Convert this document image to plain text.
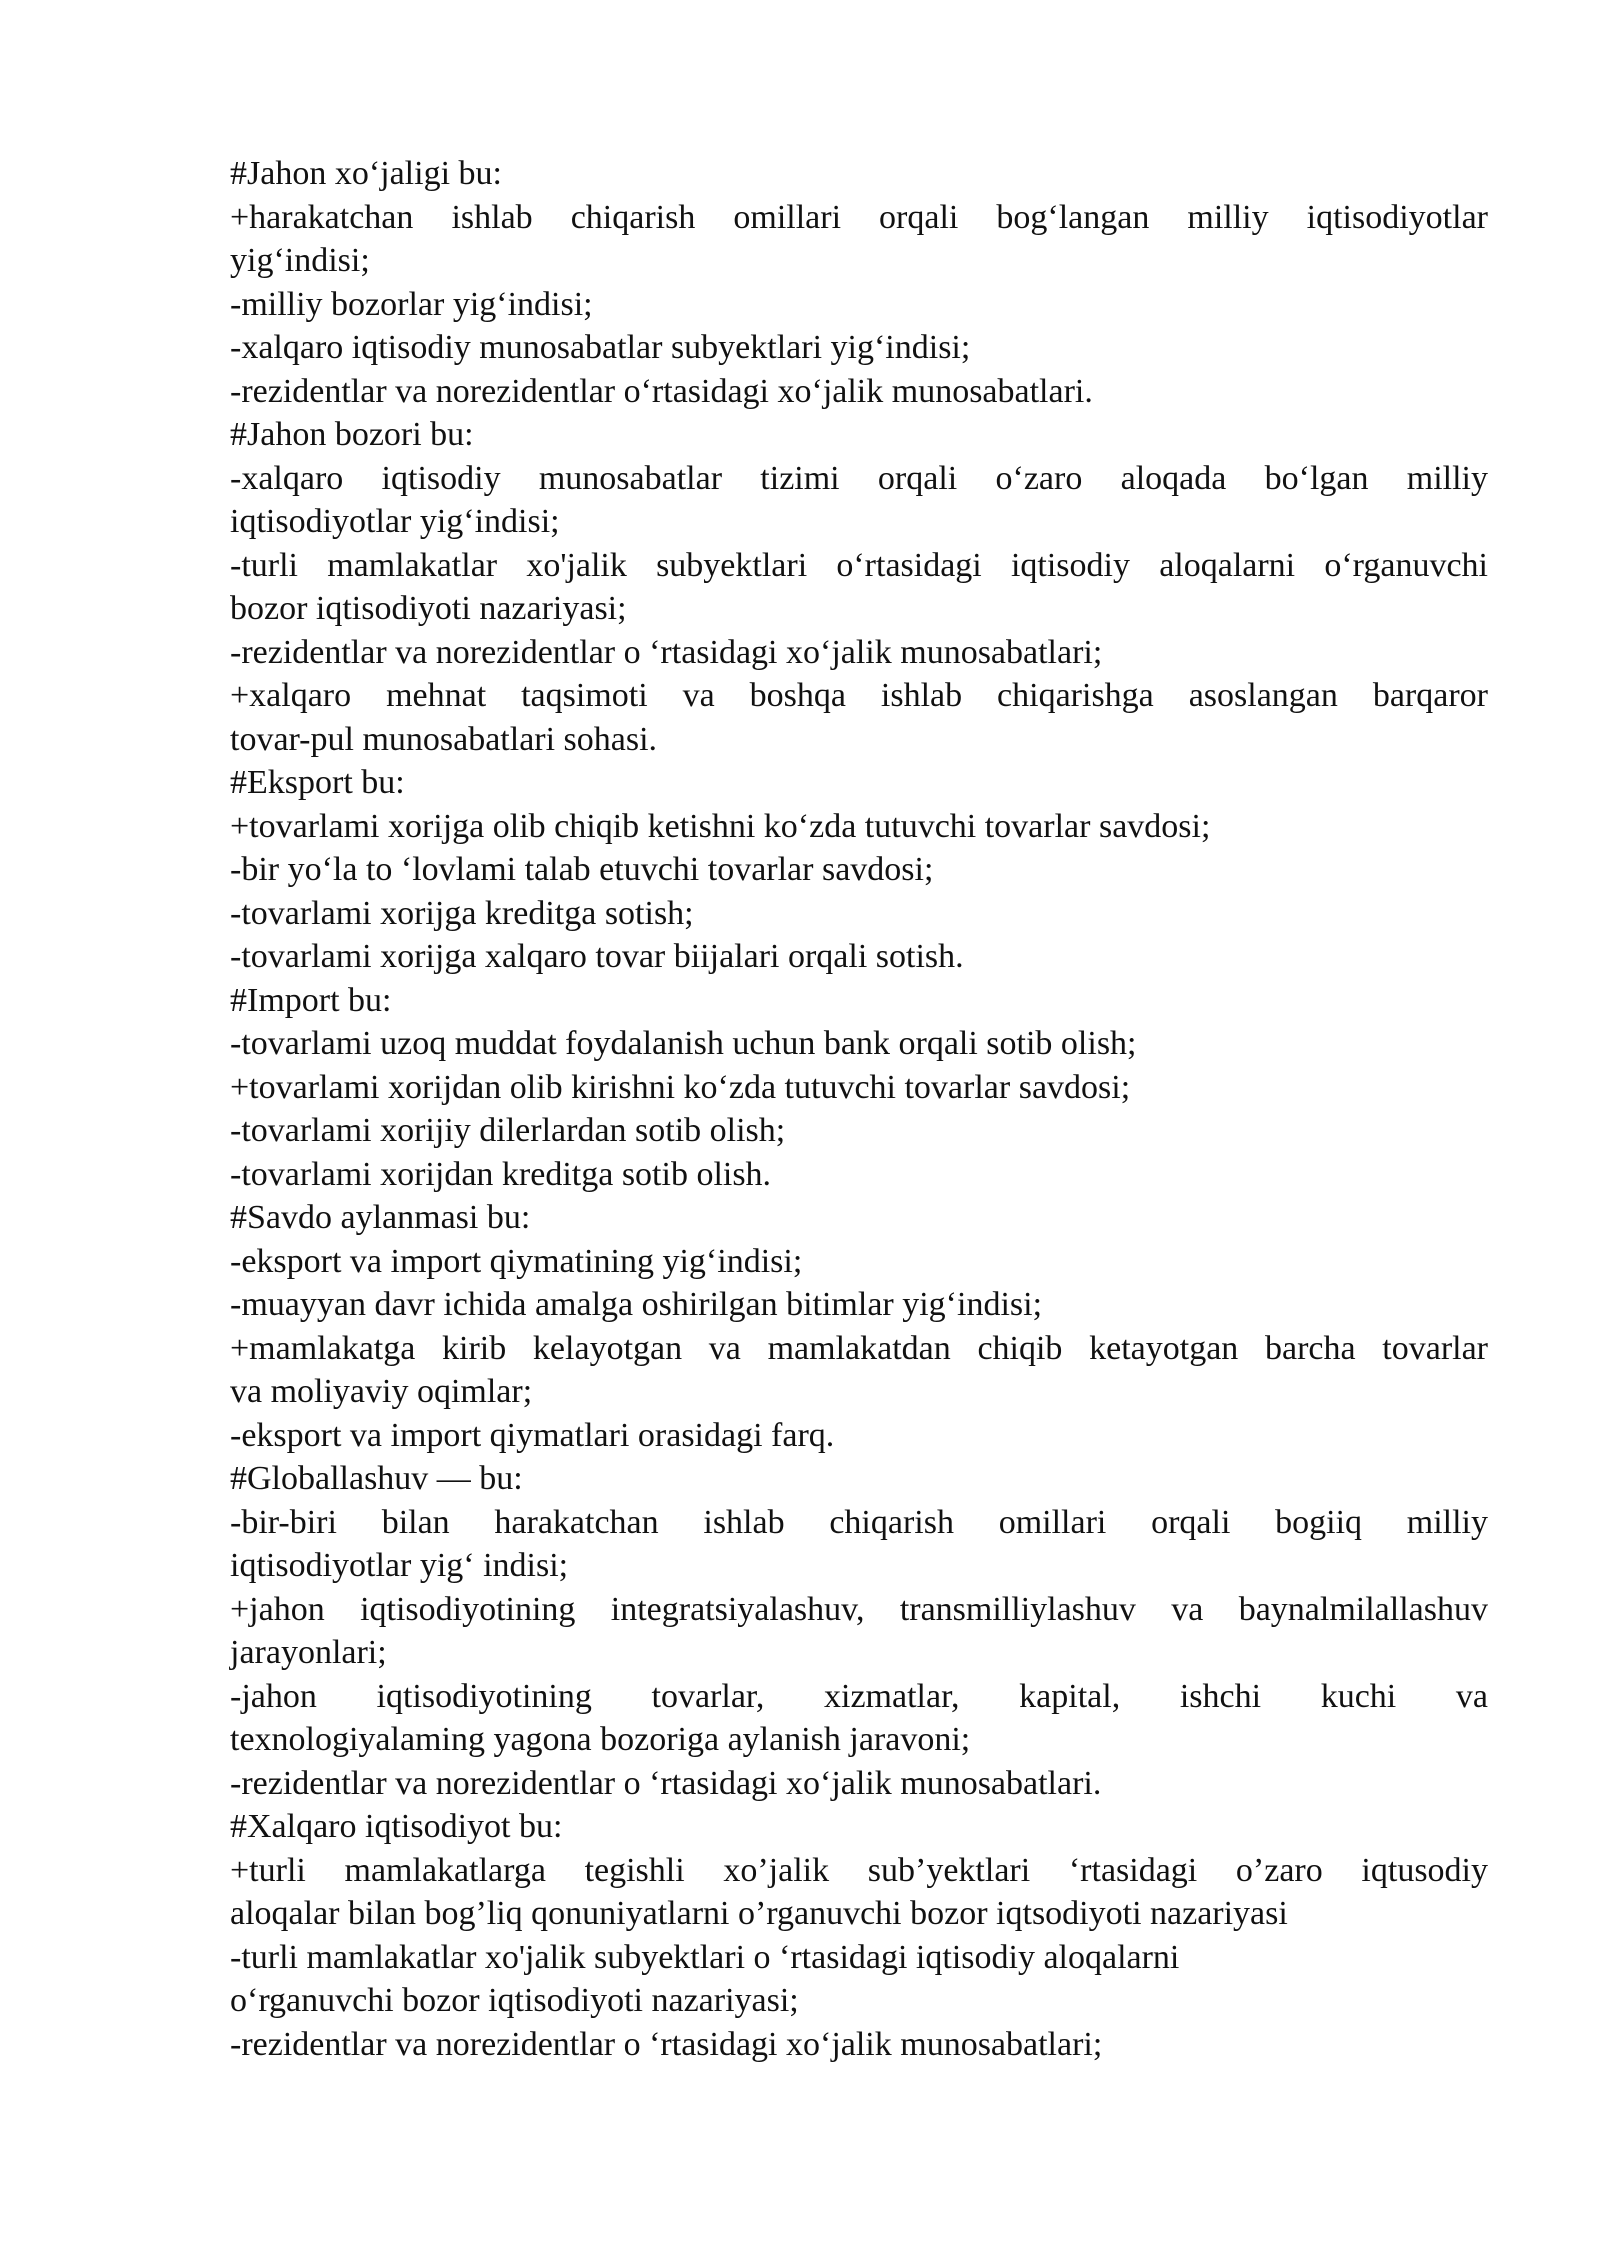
#Jahon xo‘jaligi bu:
+harakatchan ishlab chiqarish omillari orqali bog‘langan milliy iqtisodiyotlar
yig‘indisi;
-milliy bozorlar yig‘indisi;
-xalqaro iqtisodiy munosabatlar subyektlari yig‘indisi;
-rezidentlar va norezidentlar o‘rtasidagi xo‘jalik munosabatlari.
#Jahon bozori bu:
-xalqaro iqtisodiy munosabatlar tizimi orqali o‘zaro aloqada bo‘lgan milliy
iqtisodiyotlar yig‘indisi;
-turli mamlakatlar xo'jalik subyektlari o‘rtasidagi iqtisodiy aloqalarni o‘rganuvchi
bozor iqtisodiyoti nazariyasi;
-rezidentlar va norezidentlar o ‘rtasidagi xo‘jalik munosabatlari;
+xalqaro mehnat taqsimoti va boshqa ishlab chiqarishga asoslangan barqaror
tovar-pul munosabatlari sohasi.
#Eksport bu:
+tovarlami xorijga olib chiqib ketishni ko‘zda tutuvchi tovarlar savdosi;
-bir yo‘la to ‘lovlami talab etuvchi tovarlar savdosi;
-tovarlami xorijga kreditga sotish;
-tovarlami xorijga xalqaro tovar biijalari orqali sotish.
#Import bu:
-tovarlami uzoq muddat foydalanish uchun bank orqali sotib olish;
+tovarlami xorijdan olib kirishni ko‘zda tutuvchi tovarlar savdosi;
-tovarlami xorijiy dilerlardan sotib olish;
-tovarlami xorijdan kreditga sotib olish.
#Savdo aylanmasi bu:
-eksport va import qiymatining yig‘indisi;
-muayyan davr ichida amalga oshirilgan bitimlar yig‘indisi;
+mamlakatga kirib kelayotgan va mamlakatdan chiqib ketayotgan barcha tovarlar
va moliyaviy oqimlar;
-eksport va import qiymatlari orasidagi farq.
#Globallashuv — bu:
-bir-biri bilan harakatchan ishlab chiqarish omillari orqali bogiiq milliy
iqtisodiyotlar yig‘ indisi;
+jahon iqtisodiyotining integratsiyalashuv, transmilliylashuv va baynalmilallashuv
jarayonlari;
-jahon iqtisodiyotining tovarlar, xizmatlar, kapital, ishchi kuchi va
texnologiyalaming yagona bozoriga aylanish jaravoni;
-rezidentlar va norezidentlar o ‘rtasidagi xo‘jalik munosabatlari.
#Xalqaro iqtisodiyot bu:
+turli mamlakatlarga tegishli xo’jalik sub’yektlari ‘rtasidagi o’zaro iqtusodiy
aloqalar bilan bog’liq qonuniyatlarni o’rganuvchi bozor iqtsodiyoti nazariyasi
-turli mamlakatlar xo'jalik subyektlari o ‘rtasidagi iqtisodiy aloqalarni
o‘rganuvchi bozor iqtisodiyoti nazariyasi;
-rezidentlar va norezidentlar o ‘rtasidagi xo‘jalik munosabatlari;
